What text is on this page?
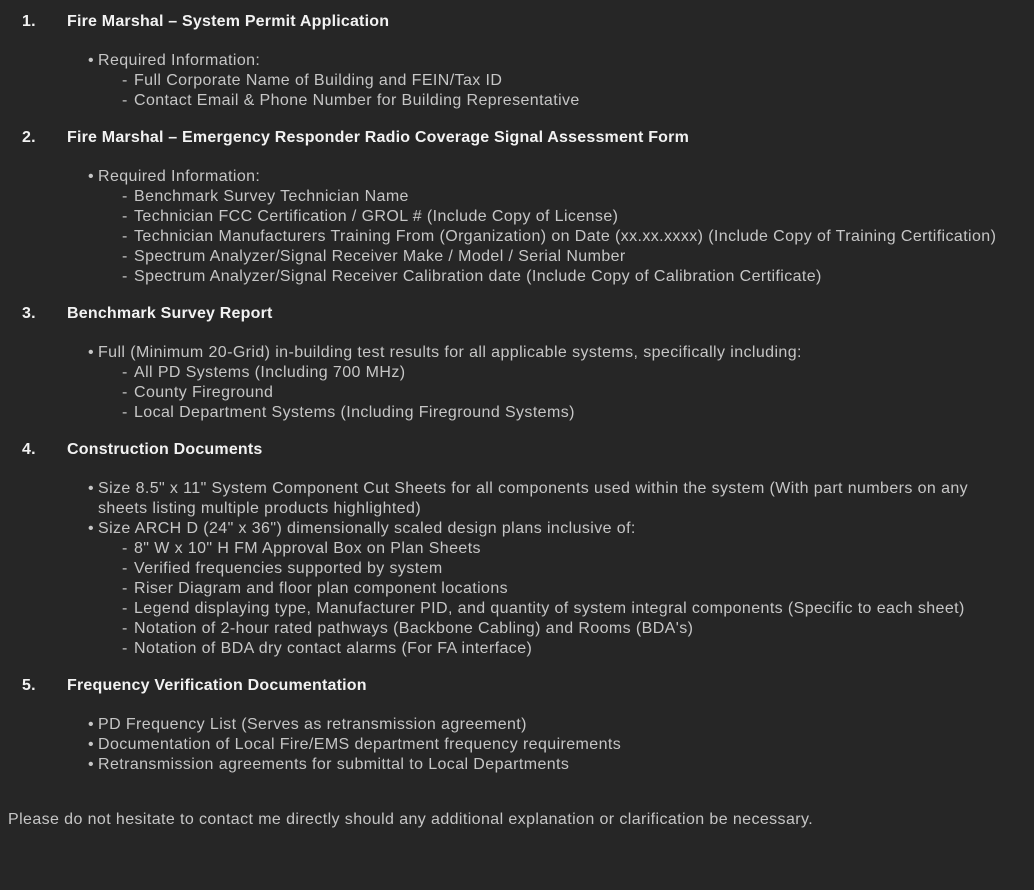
1.	Fire Marshal – System Permit Application
• Required Information:
- Full Corporate Name of Building and FEIN/Tax ID
- Contact Email & Phone Number for Building Representative
2.	Fire Marshal – Emergency Responder Radio Coverage Signal Assessment Form
• Required Information:
- Benchmark Survey Technician Name
- Technician FCC Certification / GROL # (Include Copy of License)
- Technician Manufacturers Training From (Organization) on Date (xx.xx.xxxx) (Include Copy of Training Certification)
- Spectrum Analyzer/Signal Receiver Make / Model / Serial Number
- Spectrum Analyzer/Signal Receiver Calibration date (Include Copy of Calibration Certificate)
3.	Benchmark Survey Report
• Full (Minimum 20-Grid) in-building test results for all applicable systems, specifically including:
- All PD Systems (Including 700 MHz)
- County Fireground
- Local Department Systems (Including Fireground Systems)
4.	Construction Documents
• Size 8.5" x 11" System Component Cut Sheets for all components used within the system (With part numbers on any sheets listing multiple products highlighted)
• Size ARCH D (24" x 36") dimensionally scaled design plans inclusive of:
- 8" W x 10" H FM Approval Box on Plan Sheets
- Verified frequencies supported by system
- Riser Diagram and floor plan component locations
- Legend displaying type, Manufacturer PID, and quantity of system integral components (Specific to each sheet)
- Notation of 2-hour rated pathways (Backbone Cabling) and Rooms (BDA's)
- Notation of BDA dry contact alarms (For FA interface)
5.	Frequency Verification Documentation
• PD Frequency List (Serves as retransmission agreement)
• Documentation of Local Fire/EMS department frequency requirements
• Retransmission agreements for submittal to Local Departments
Please do not hesitate to contact me directly should any additional explanation or clarification be necessary.
